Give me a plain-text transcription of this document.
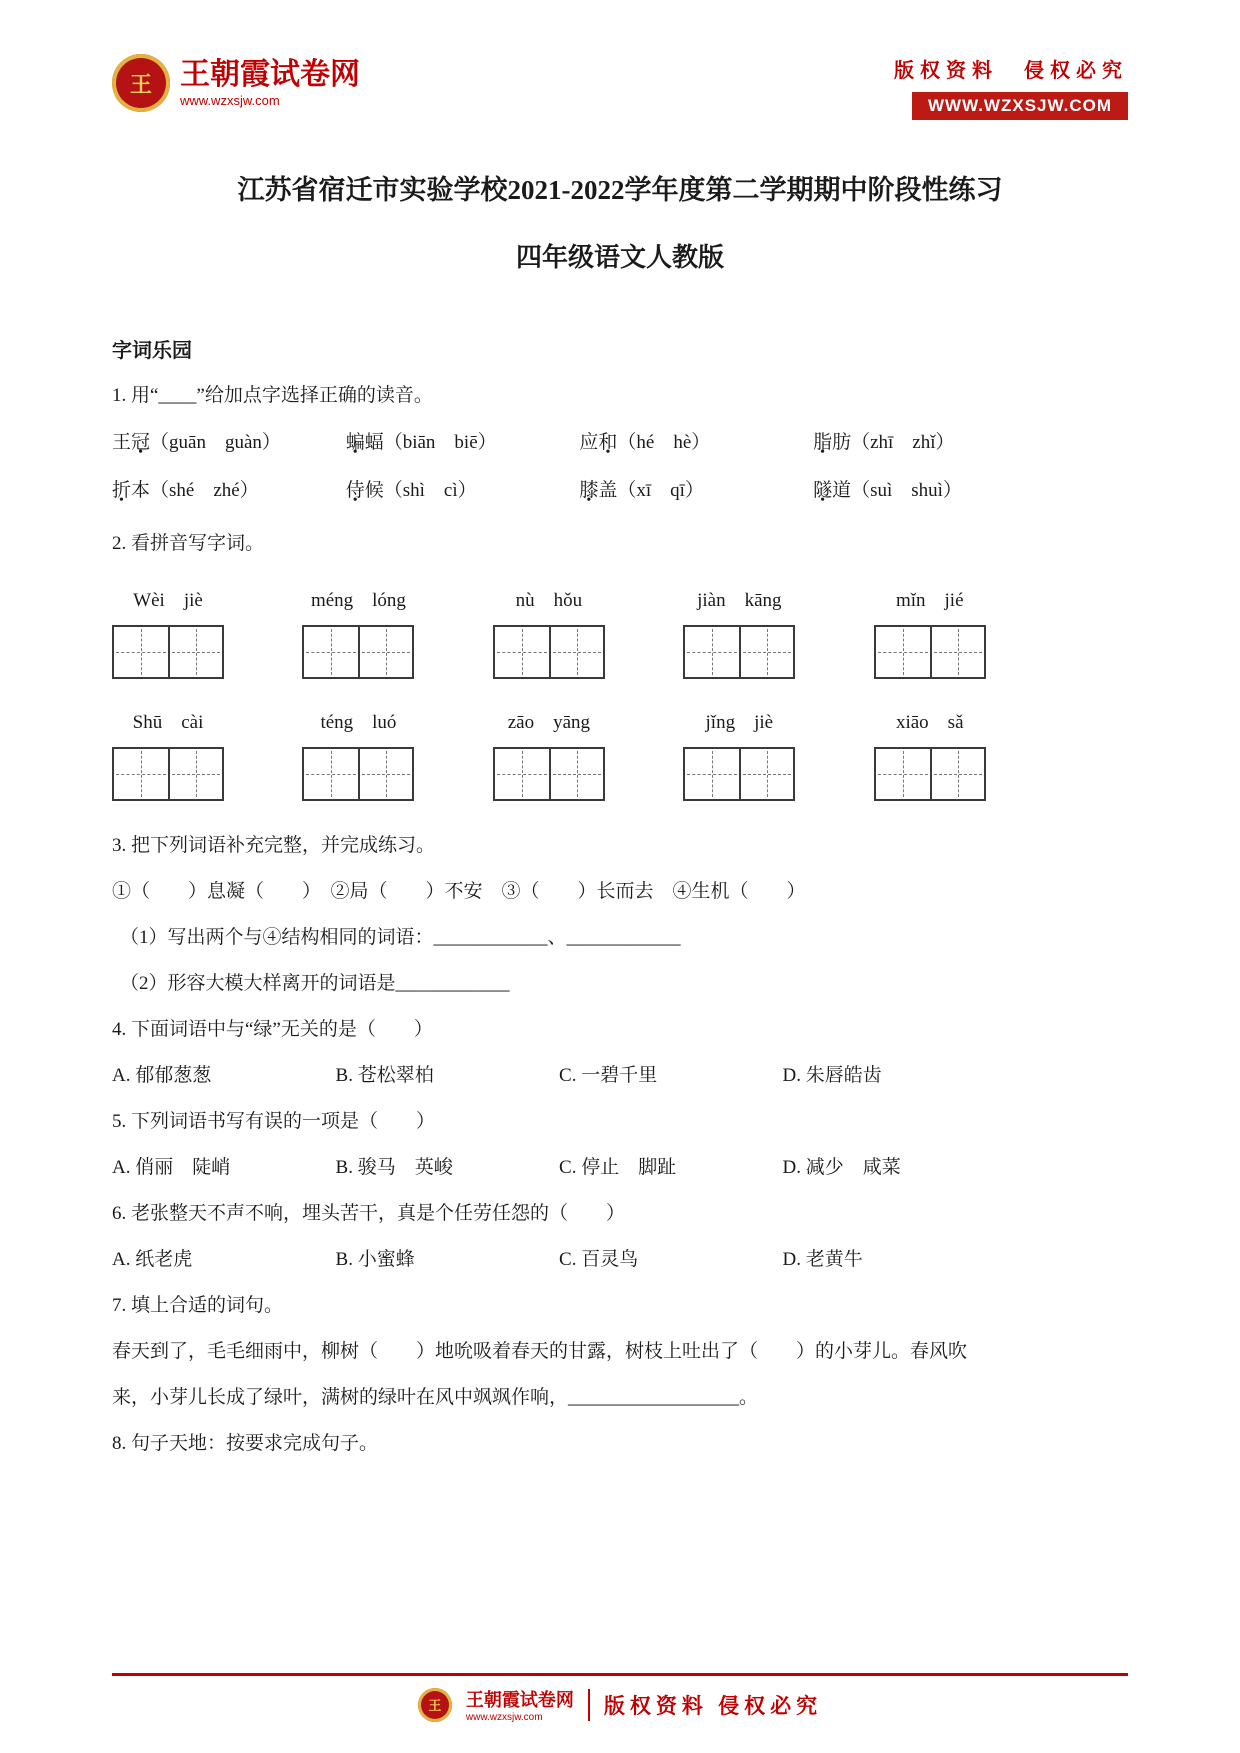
王 王朝霞试卷网
www.wzxsjw.com
版权资料　侵权必究
WWW.WZXSJW.COM
江苏省宿迁市实验学校2021-2022学年度第二学期期中阶段性练习
四年级语文人教版
字词乐园
1. 用“____”给加点字选择正确的读音。
王冠（guān　guàn）	蝙蝠（biān　biē）	应和（hé　hè）	脂肪（zhī　zhǐ）
折本（shé　zhé）	侍候（shì　cì）	膝盖（xī　qī）	隧道（suì　shuì）
2. 看拼音写字词。
Wèi　jiè	méng　lóng	nù　hǒu	jiàn　kāng	mǐn　jié
Shū　cài	téng　luó	zāo　yāng	jǐng　jiè	xiāo　sǎ
3. 把下列词语补充完整，并完成练习。
①（　　）息凝（　　）　②局（　　）不安　③（　　）长而去　④生机（　　）
（1）写出两个与④结构相同的词语：____________、____________
（2）形容大模大样离开的词语是____________
4. 下面词语中与“绿”无关的是（　　）
A. 郁郁葱葱	B. 苍松翠柏	C. 一碧千里	D. 朱唇皓齿
5. 下列词语书写有误的一项是（　　）
A. 俏丽　陡峭	B. 骏马　英峻	C. 停止　脚趾	D. 减少　咸菜
6. 老张整天不声不响，埋头苦干，真是个任劳任怨的（　　）
A. 纸老虎	B. 小蜜蜂	C. 百灵鸟	D. 老黄牛
7. 填上合适的词句。
春天到了，毛毛细雨中，柳树（　　）地吮吸着春天的甘露，树枝上吐出了（　　）的小芽儿。春风吹
来，小芽儿长成了绿叶，满树的绿叶在风中飒飒作响，__________________。
8. 句子天地：按要求完成句子。
王	王朝霞试卷网
www.wzxsjw.com	版权资料 侵权必究
